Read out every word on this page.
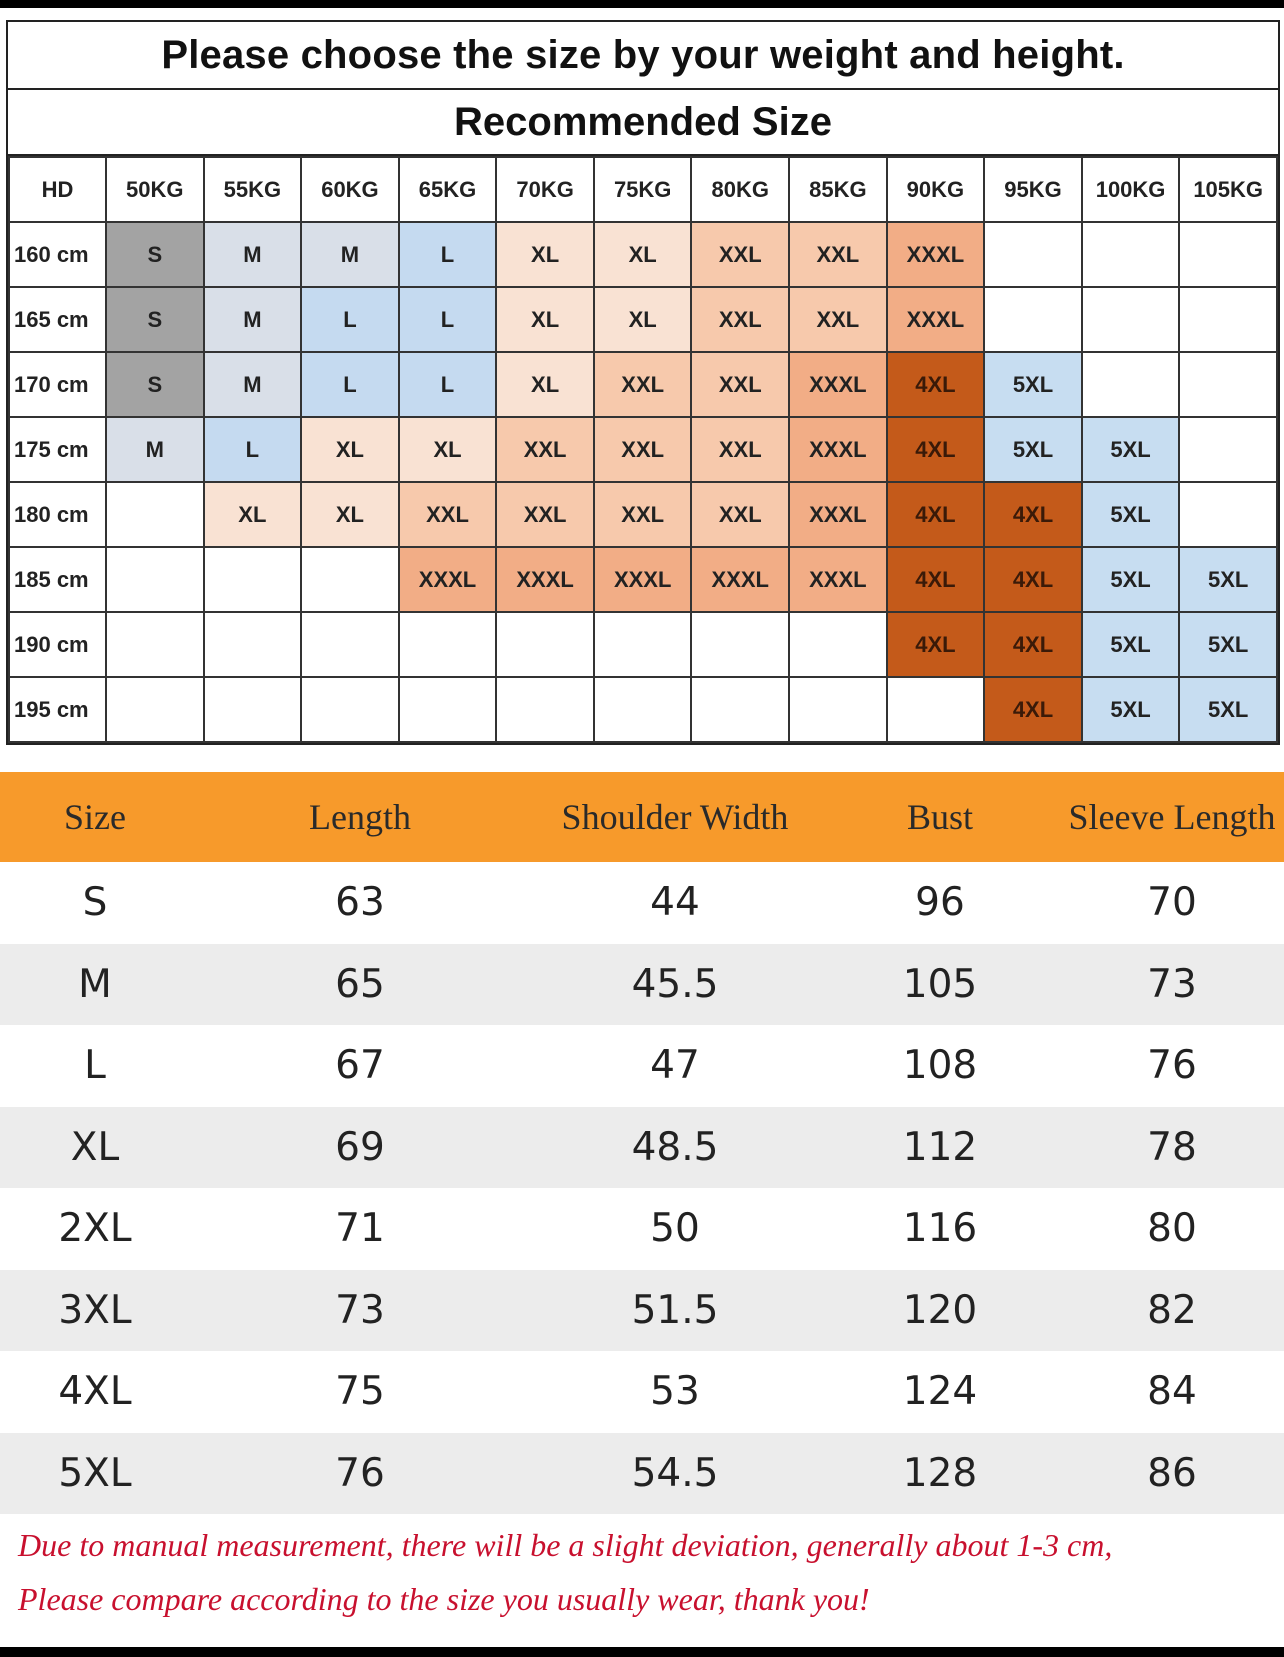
Please choose the size by your weight and height.
Recommended Size
HD	50KG	55KG	60KG	65KG	70KG	75KG	80KG	85KG	90KG	95KG	100KG	105KG
160 cm	S	M	M	L	XL	XL	XXL	XXL	XXXL			
165 cm	S	M	L	L	XL	XL	XXL	XXL	XXXL			
170 cm	S	M	L	L	XL	XXL	XXL	XXXL	4XL	5XL		
175 cm	M	L	XL	XL	XXL	XXL	XXL	XXXL	4XL	5XL	5XL	
180 cm		XL	XL	XXL	XXL	XXL	XXL	XXXL	4XL	4XL	5XL	
185 cm				XXXL	XXXL	XXXL	XXXL	XXXL	4XL	4XL	5XL	5XL
190 cm									4XL	4XL	5XL	5XL
195 cm										4XL	5XL	5XL
Size	Length	Shoulder Width	Bust	Sleeve Length
S	63	44	96	70
M	65	45.5	105	73
L	67	47	108	76
XL	69	48.5	112	78
2XL	71	50	116	80
3XL	73	51.5	120	82
4XL	75	53	124	84
5XL	76	54.5	128	86
Due to manual measurement, there will be a slight deviation, generally about 1-3 cm,
Please compare according to the size you usually wear, thank you!
